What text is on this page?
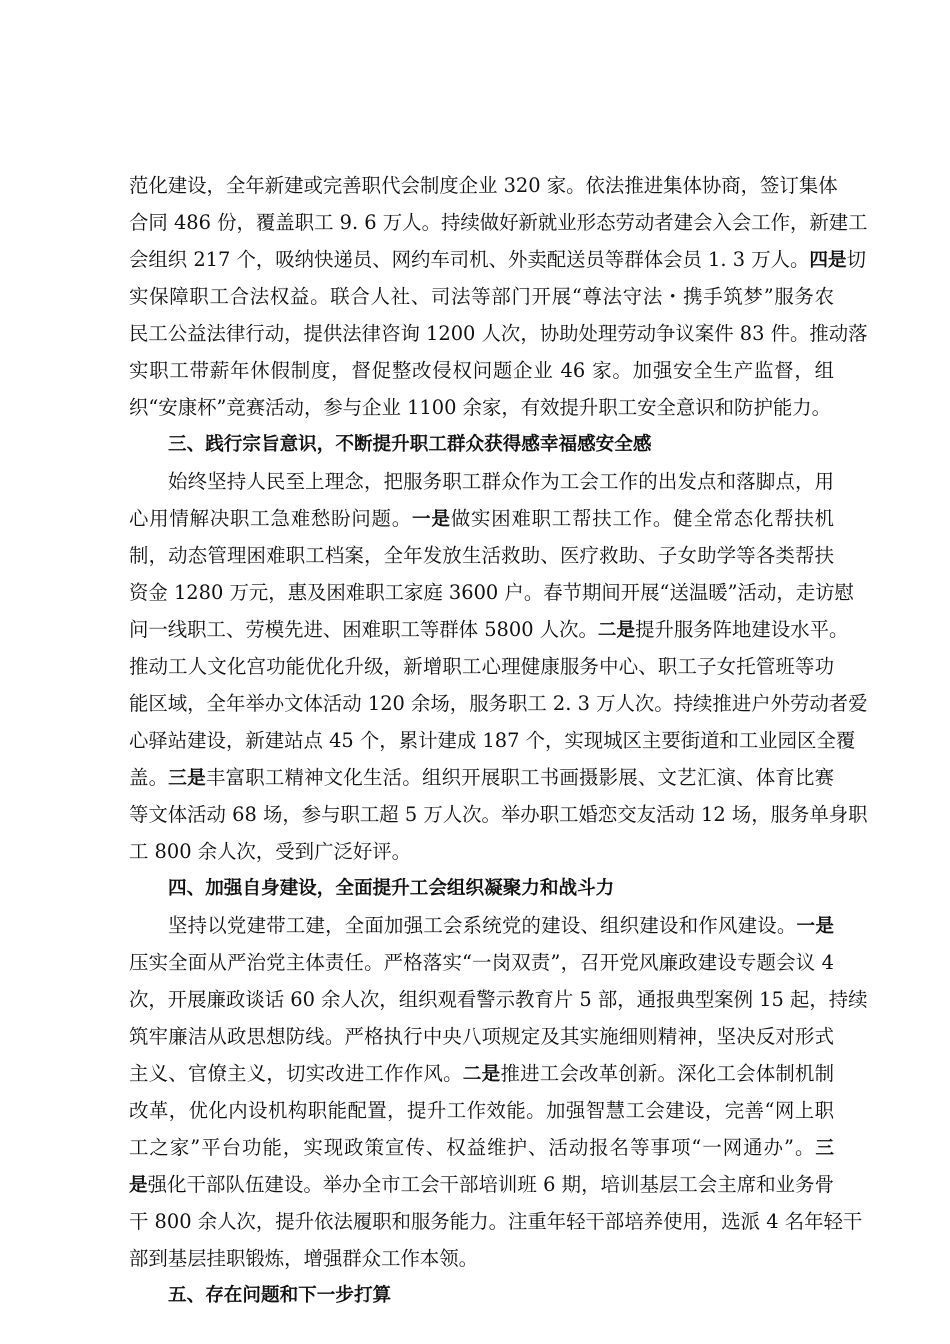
范化建设，全年新建或完善职代会制度企业 320 家。依法推进集体协商，签订集体
合同 486 份，覆盖职工 9. 6 万人。持续做好新就业形态劳动者建会入会工作，新建工
会组织 217 个，吸纳快递员、网约车司机、外卖配送员等群体会员 1. 3 万人。四是切
实保障职工合法权益。联合人社、司法等部门开展“尊法守法・携手筑梦”服务农
民工公益法律行动，提供法律咨询 1200 人次，协助处理劳动争议案件 83 件。推动落
实职工带薪年休假制度，督促整改侵权问题企业 46 家。加强安全生产监督，组
织“安康杯”竞赛活动，参与企业 1100 余家，有效提升职工安全意识和防护能力。
三、践行宗旨意识，不断提升职工群众获得感幸福感安全感
始终坚持人民至上理念，把服务职工群众作为工会工作的出发点和落脚点，用
心用情解决职工急难愁盼问题。一是做实困难职工帮扶工作。健全常态化帮扶机
制，动态管理困难职工档案，全年发放生活救助、医疗救助、子女助学等各类帮扶
资金 1280 万元，惠及困难职工家庭 3600 户。春节期间开展“送温暖”活动，走访慰
问一线职工、劳模先进、困难职工等群体 5800 人次。二是提升服务阵地建设水平。
推动工人文化宫功能优化升级，新增职工心理健康服务中心、职工子女托管班等功
能区域，全年举办文体活动 120 余场，服务职工 2. 3 万人次。持续推进户外劳动者爱
心驿站建设，新建站点 45 个，累计建成 187 个，实现城区主要街道和工业园区全覆
盖。三是丰富职工精神文化生活。组织开展职工书画摄影展、文艺汇演、体育比赛
等文体活动 68 场，参与职工超 5 万人次。举办职工婚恋交友活动 12 场，服务单身职
工 800 余人次，受到广泛好评。
四、加强自身建设，全面提升工会组织凝聚力和战斗力
坚持以党建带工建，全面加强工会系统党的建设、组织建设和作风建设。一是
压实全面从严治党主体责任。严格落实“一岗双责”，召开党风廉政建设专题会议 4
次，开展廉政谈话 60 余人次，组织观看警示教育片 5 部，通报典型案例 15 起，持续
筑牢廉洁从政思想防线。严格执行中央八项规定及其实施细则精神，坚决反对形式
主义、官僚主义，切实改进工作作风。二是推进工会改革创新。深化工会体制机制
改革，优化内设机构职能配置，提升工作效能。加强智慧工会建设，完善“网上职
工之家”平台功能，实现政策宣传、权益维护、活动报名等事项“一网通办”。三
是强化干部队伍建设。举办全市工会干部培训班 6 期，培训基层工会主席和业务骨
干 800 余人次，提升依法履职和服务能力。注重年轻干部培养使用，选派 4 名年轻干
部到基层挂职锻炼，增强群众工作本领。
五、存在问题和下一步打算
